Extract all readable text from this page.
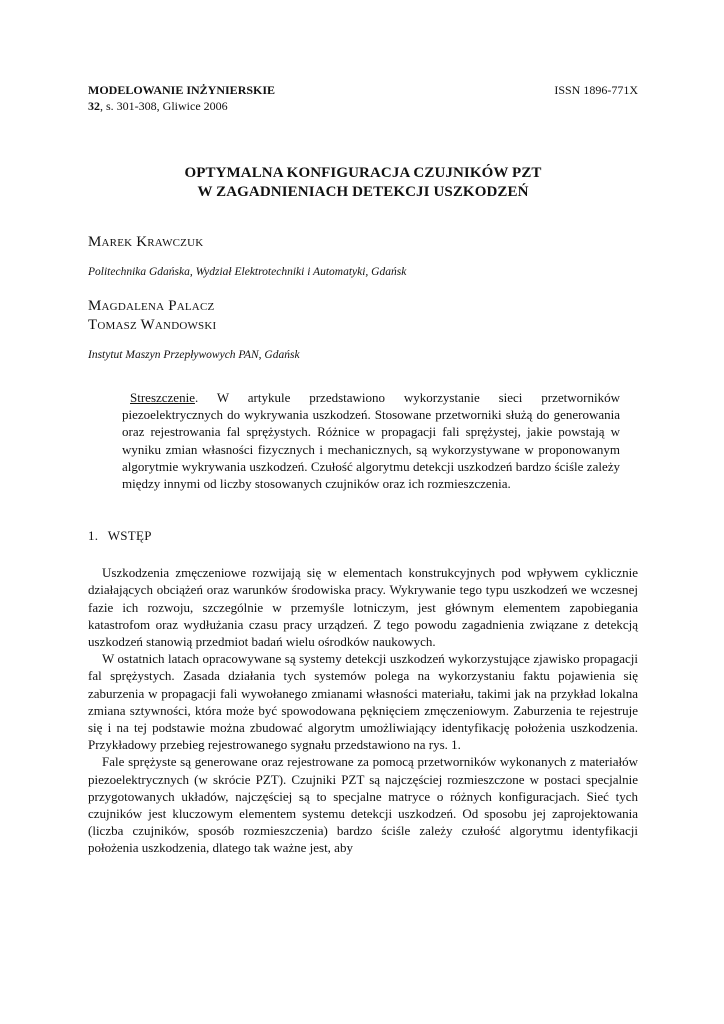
MODELOWANIE INŻYNIERSKIE	ISSN 1896-771X
32, s. 301-308, Gliwice 2006
OPTYMALNA KONFIGURACJA CZUJNIKÓW PZT
W ZAGADNIENIACH DETEKCJI USZKODZEŃ
Marek Krawczuk
Politechnika Gdańska, Wydział Elektrotechniki i Automatyki, Gdańsk
Magdalena Palacz
Tomasz Wandowski
Instytut Maszyn Przepływowych PAN, Gdańsk
Streszczenie. W artykule przedstawiono wykorzystanie sieci przetworników piezoelektrycznych do wykrywania uszkodzeń. Stosowane przetworniki służą do generowania oraz rejestrowania fal sprężystych. Różnice w propagacji fali sprężystej, jakie powstają w wyniku zmian własności fizycznych i mechanicznych, są wykorzystywane w proponowanym algorytmie wykrywania uszkodzeń. Czułość algorytmu detekcji uszkodzeń bardzo ściśle zależy między innymi od liczby stosowanych czujników oraz ich rozmieszczenia.
1. WSTĘP

Uszkodzenia zmęczeniowe rozwijają się w elementach konstrukcyjnych pod wpływem cyklicznie działających obciążeń oraz warunków środowiska pracy. Wykrywanie tego typu uszkodzeń we wczesnej fazie ich rozwoju, szczególnie w przemyśle lotniczym, jest głównym elementem zapobiegania katastrofom oraz wydłużania czasu pracy urządzeń. Z tego powodu zagadnienia związane z detekcją uszkodzeń stanowią przedmiot badań wielu ośrodków naukowych.

W ostatnich latach opracowywane są systemy detekcji uszkodzeń wykorzystujące zjawisko propagacji fal sprężystych. Zasada działania tych systemów polega na wykorzystaniu faktu pojawienia się zaburzenia w propagacji fali wywołanego zmianami własności materiału, takimi jak na przykład lokalna zmiana sztywności, która może być spowodowana pęknięciem zmęczeniowym. Zaburzenia te rejestruje się i na tej podstawie można zbudować algorytm umożliwiający identyfikację położenia uszkodzenia. Przykładowy przebieg rejestrowanego sygnału przedstawiono na rys. 1.

Fale sprężyste są generowane oraz rejestrowane za pomocą przetworników wykonanych z materiałów piezoelektrycznych (w skrócie PZT). Czujniki PZT są najczęściej rozmieszczone w postaci specjalnie przygotowanych układów, najczęściej są to specjalne matryce o różnych konfiguracjach. Sieć tych czujników jest kluczowym elementem systemu detekcji uszkodzeń. Od sposobu jej zaprojektowania (liczba czujników, sposób rozmieszczenia) bardzo ściśle zależy czułość algorytmu identyfikacji położenia uszkodzenia, dlatego tak ważne jest, aby
